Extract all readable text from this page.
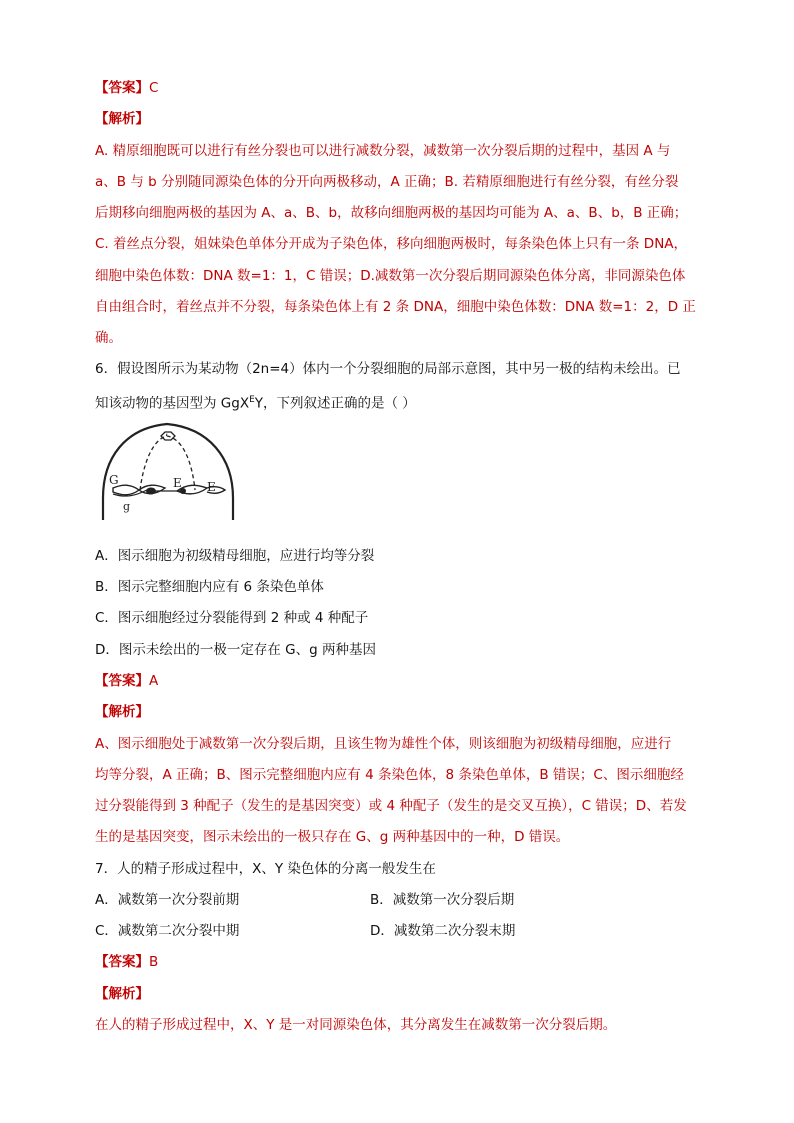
【答案】C
【解析】
A. 精原细胞既可以进行有丝分裂也可以进行减数分裂，减数第一次分裂后期的过程中，基因 A 与
a、B 与 b 分别随同源染色体的分开向两极移动，A 正确；B. 若精原细胞进行有丝分裂，有丝分裂
后期移向细胞两极的基因为 A、a、B、b，故移向细胞两极的基因均可能为 A、a、B、b，B 正确；
C. 着丝点分裂，姐妹染色单体分开成为子染色体，移向细胞两极时，每条染色体上只有一条 DNA，
细胞中染色体数：DNA 数=1：1，C 错误；D.减数第一次分裂后期同源染色体分离，非同源染色体
自由组合时，着丝点并不分裂，每条染色体上有 2 条 DNA，细胞中染色体数：DNA 数=1：2，D 正
确。
6．假设图所示为某动物（2n=4）体内一个分裂细胞的局部示意图，其中另一极的结构未绘出。已
知该动物的基因型为 GgX$^E$Y，下列叙述正确的是（ ）
ʼ
G
g
E E
A．图示细胞为初级精母细胞，应进行均等分裂
B．图示完整细胞内应有 6 条染色单体
C．图示细胞经过分裂能得到 2 种或 4 种配子
D．图示未绘出的一极一定存在 G、g 两种基因
【答案】A
【解析】
A、图示细胞处于减数第一次分裂后期，且该生物为雄性个体，则该细胞为初级精母细胞，应进行
均等分裂，A 正确；B、图示完整细胞内应有 4 条染色体，8 条染色单体，B 错误；C、图示细胞经
过分裂能得到 3 种配子（发生的是基因突变）或 4 种配子（发生的是交叉互换），C 错误；D、若发
生的是基因突变，图示未绘出的一极只存在 G、g 两种基因中的一种，D 错误。
7．人的精子形成过程中，X、Y 染色体的分离一般发生在
A．减数第一次分裂前期	B．减数第一次分裂后期
C．减数第二次分裂中期	D．减数第二次分裂末期
【答案】B
【解析】
在人的精子形成过程中，X、Y 是一对同源染色体，其分离发生在减数第一次分裂后期。
